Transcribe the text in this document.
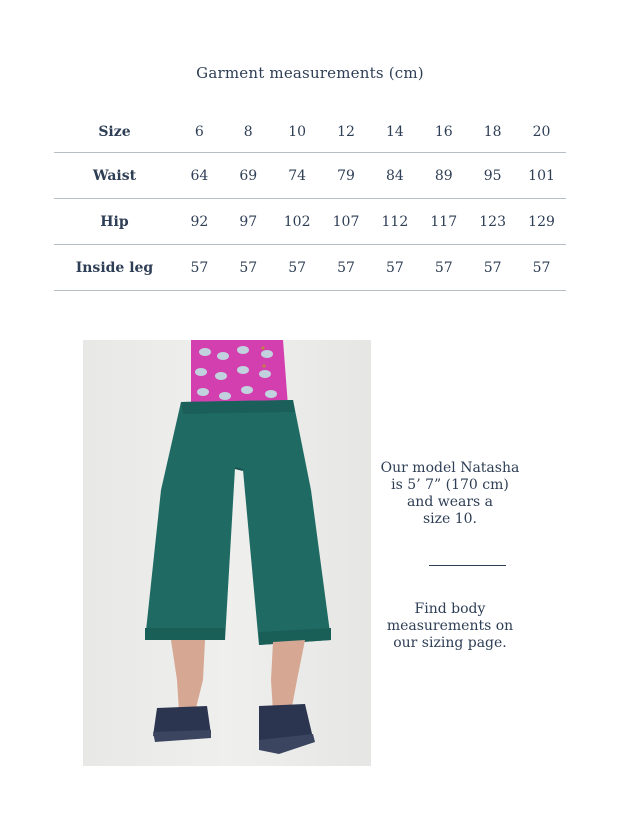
Garment measurements (cm)
Size	6	8	10	12	14	16	18	20
Waist	64	69	74	79	84	89	95	101
Hip	92	97	102	107	112	117	123	129
Inside leg	57	57	57	57	57	57	57	57
Our model Natasha
is 5’ 7” (170 cm)
and wears a
size 10.
Find body
measurements on
our sizing page.
